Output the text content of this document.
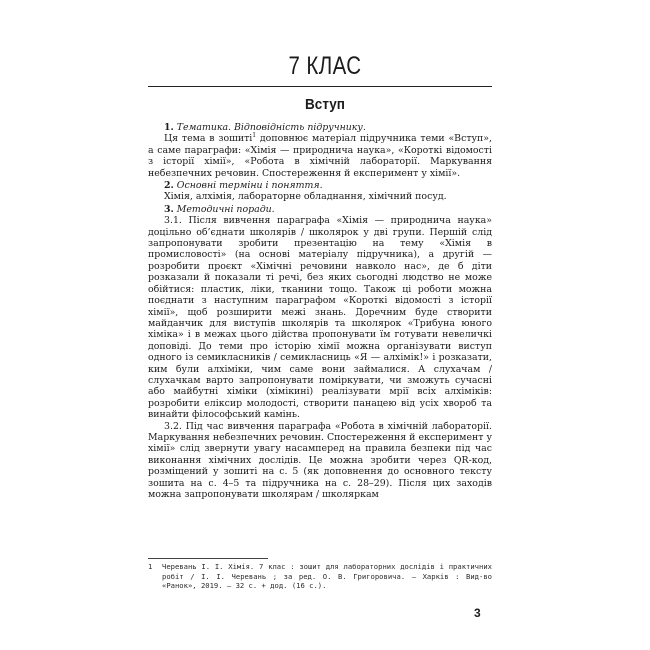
7 КЛАС
Вступ

1. Тематика. Відповідність підручнику.

Ця тема в зошиті$^1$ доповнює матеріал підручника теми «Вступ», а саме параграфи: «Хімія — природнича наука», «Короткі відомості з історії хімії», «Робота в хімічній лабораторії. Маркування небезпечних речовин. Спостереження й експеримент у хімії».

2. Основні терміни і поняття.

Хімія, алхімія, лабораторне обладнання, хімічний посуд.

3. Методичні поради.

3.1. Після вивчення параграфа «Хімія — природнича наука» доцільно об’єднати школярів / школярок у дві групи. Першій слід запропонувати зробити презентацію на тему «Хімія в промисловості» (на основі матеріалу підручника), а другій — розробити проєкт «Хімічні речовини навколо нас», де б діти розказали й показали ті речі, без яких сьогодні людство не може обійтися: пластик, ліки, тканини тощо. Також ці роботи можна поєднати з наступним параграфом «Короткі відомості з історії хімії», щоб розширити межі знань. Доречним буде створити майданчик для виступів школярів та школярок «Трибуна юного хіміка» і в межах цього дійства пропонувати їм готувати невеличкі доповіді. До теми про історію хімії можна організувати виступ одного із семикласників / семикласниць «Я — алхімік!» і розказати, ким були алхіміки, чим саме вони займалися. А слухачам / слухачкам варто запропонувати поміркувати, чи зможуть сучасні або майбутні хіміки (хімікині) реалізувати мрії всіх алхіміків: розробити еліксир молодості, створити панацею від усіх хвороб та винайти філософський камінь.

3.2. Під час вивчення параграфа «Робота в хімічній лабораторії. Маркування небезпечних речовин. Спостереження й експеримент у хімії» слід звернути увагу насамперед на правила безпеки під час виконання хімічних дослідів. Це можна зробити через QR-код, розміщений у зошиті на с. 5 (як доповнення до основного тексту зошита на с. 4–5 та підручника на с. 28–29). Після цих заходів можна запропонувати школярам / школяркам

1	Черевань І. І. Хімія. 7 клас : зошит для лабораторних дослідів і практичних робіт / І. І. Черевань ; за ред. О. В. Григоровича. — Харків : Вид-во «Ранок», 2019. — 32 с. + дод. (16 с.).
3
